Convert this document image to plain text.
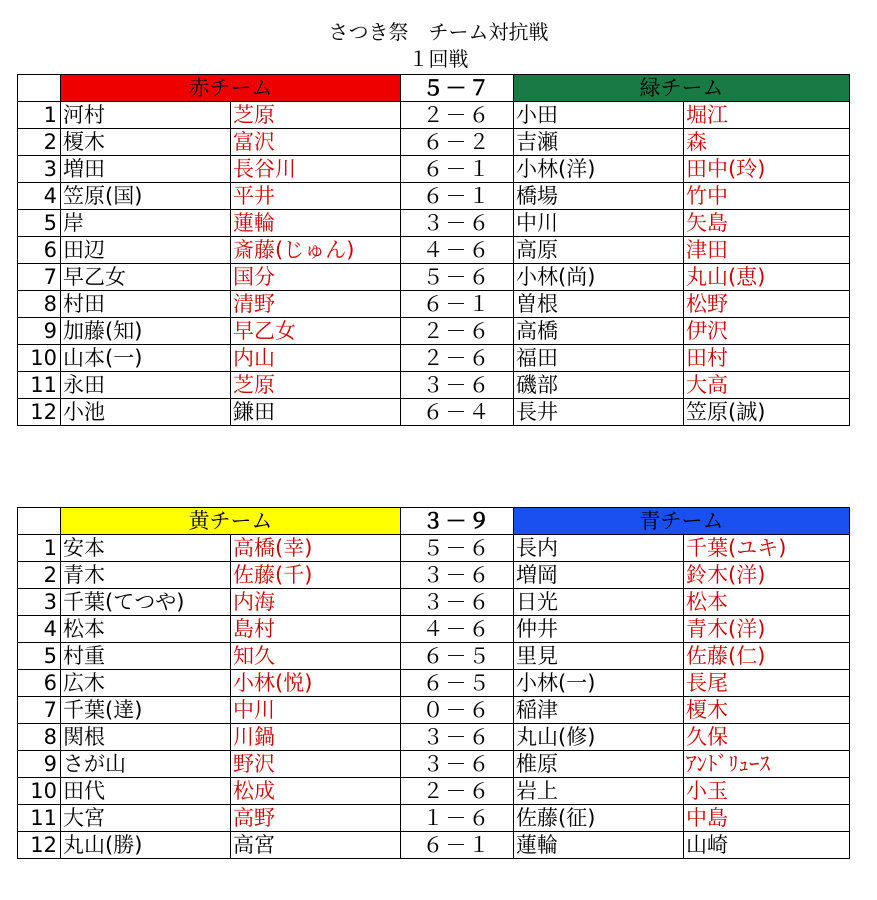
さつき祭　チーム対抗戦
１回戦
	赤チーム		５－７	緑チーム	
1	河村	芝原	２－６	小田	堀江
2	榎木	富沢	６－２	吉瀬	森
3	増田	長谷川	６－１	小林(洋)	田中(玲)
4	笠原(国)	平井	６－１	橋場	竹中
5	岸	蓮輪	３－６	中川	矢島
6	田辺	斎藤(じゅん)	４－６	高原	津田
7	早乙女	国分	５－６	小林(尚)	丸山(恵)
8	村田	清野	６－１	曽根	松野
9	加藤(知)	早乙女	２－６	高橋	伊沢
10	山本(一)	内山	２－６	福田	田村
11	永田	芝原	３－６	磯部	大高
12	小池	鎌田	６－４	長井	笠原(誠)
	黄チーム		３－９	青チーム	
1	安本	高橋(幸)	５－６	長内	千葉(ユキ)
2	青木	佐藤(千)	３－６	増岡	鈴木(洋)
3	千葉(てつや)	内海	３－６	日光	松本
4	松本	島村	４－６	仲井	青木(洋)
5	村重	知久	６－５	里見	佐藤(仁)
6	広木	小林(悦)	６－５	小林(一)	長尾
7	千葉(達)	中川	０－６	稲津	榎木
8	関根	川鍋	３－６	丸山(修)	久保
9	さが山	野沢	３－６	椎原	ｱﾝﾄﾞﾘｭｰｽ
10	田代	松成	２－６	岩上	小玉
11	大宮	高野	１－６	佐藤(征)	中島
12	丸山(勝)	高宮	６－１	蓮輪	山崎
